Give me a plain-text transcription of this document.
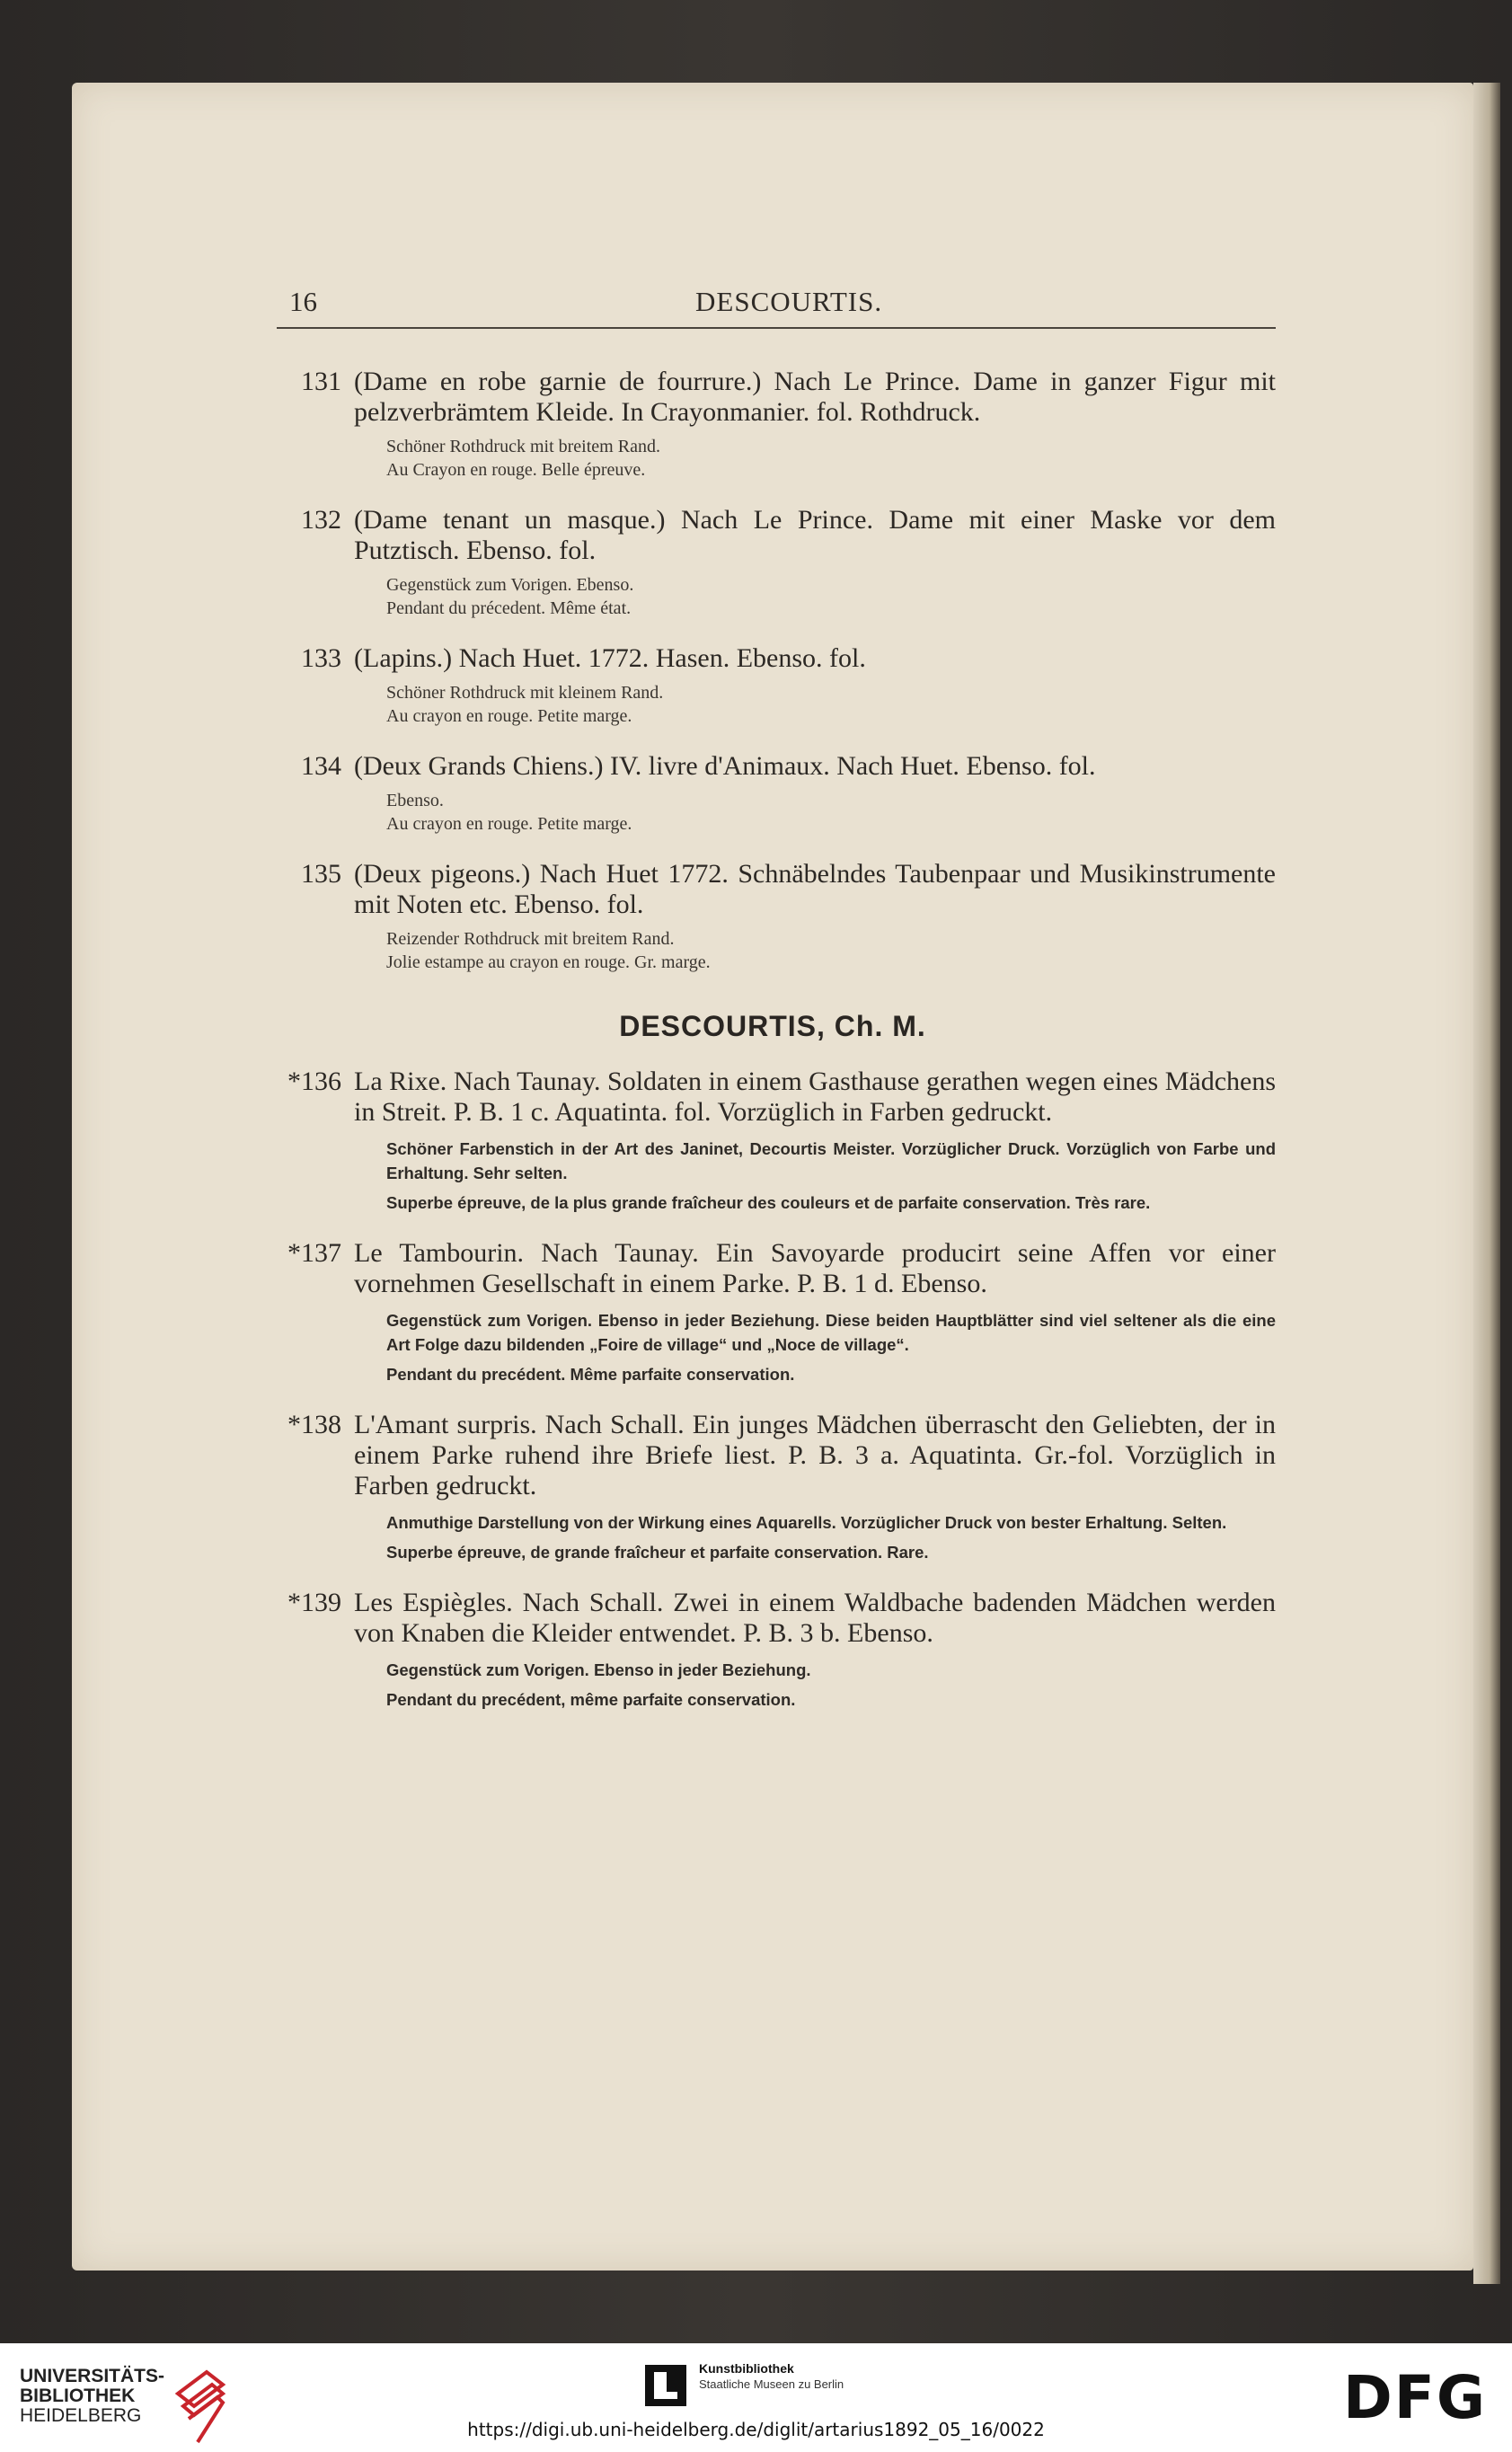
16	DESCOURTIS.
131 (Dame en robe garnie de fourrure.) Nach Le Prince. Dame in ganzer Figur mit pelzverbrämtem Kleide. In Crayonmanier. fol. Rothdruck.
Schöner Rothdruck mit breitem Rand.
Au Crayon en rouge. Belle épreuve.
132 (Dame tenant un masque.) Nach Le Prince. Dame mit einer Maske vor dem Putztisch. Ebenso. fol.
Gegenstück zum Vorigen. Ebenso.
Pendant du précedent. Même état.
133 (Lapins.) Nach Huet. 1772. Hasen. Ebenso. fol.
Schöner Rothdruck mit kleinem Rand.
Au crayon en rouge. Petite marge.
134 (Deux Grands Chiens.) IV. livre d'Animaux. Nach Huet. Ebenso. fol.
Ebenso.
Au crayon en rouge. Petite marge.
135 (Deux pigeons.) Nach Huet 1772. Schnäbelndes Taubenpaar und Musikinstrumente mit Noten etc. Ebenso. fol.
Reizender Rothdruck mit breitem Rand.
Jolie estampe au crayon en rouge. Gr. marge.
DESCOURTIS, Ch. M.
*136 La Rixe. Nach Taunay. Soldaten in einem Gasthause gerathen wegen eines Mädchens in Streit. P. B. 1 c. Aquatinta. fol. Vorzüglich in Farben gedruckt.
Schöner Farbenstich in der Art des Janinet, Decourtis Meister. Vorzüglicher Druck. Vorzüglich von Farbe und Erhaltung. Sehr selten.
Superbe épreuve, de la plus grande fraîcheur des couleurs et de parfaite conservation. Très rare.
*137 Le Tambourin. Nach Taunay. Ein Savoyarde producirt seine Affen vor einer vornehmen Gesellschaft in einem Parke. P. B. 1 d. Ebenso.
Gegenstück zum Vorigen. Ebenso in jeder Beziehung. Diese beiden Hauptblätter sind viel seltener als die eine Art Folge dazu bildenden „Foire de village“ und „Noce de village“.
Pendant du precédent. Même parfaite conservation.
*138 L'Amant surpris. Nach Schall. Ein junges Mädchen überrascht den Geliebten, der in einem Parke ruhend ihre Briefe liest. P. B. 3 a. Aquatinta. Gr.-fol. Vorzüglich in Farben gedruckt.
Anmuthige Darstellung von der Wirkung eines Aquarells. Vorzüglicher Druck von bester Erhaltung. Selten.
Superbe épreuve, de grande fraîcheur et parfaite conservation. Rare.
*139 Les Espiègles. Nach Schall. Zwei in einem Waldbache badenden Mädchen werden von Knaben die Kleider entwendet. P. B. 3 b. Ebenso.
Gegenstück zum Vorigen. Ebenso in jeder Beziehung.
Pendant du precédent, même parfaite conservation.
UNIVERSITÄTS-
BIBLIOTHEK
HEIDELBERG
Kunstbibliothek
Staatliche Museen zu Berlin	DFG
https://digi.ub.uni-heidelberg.de/diglit/artarius1892_05_16/0022
